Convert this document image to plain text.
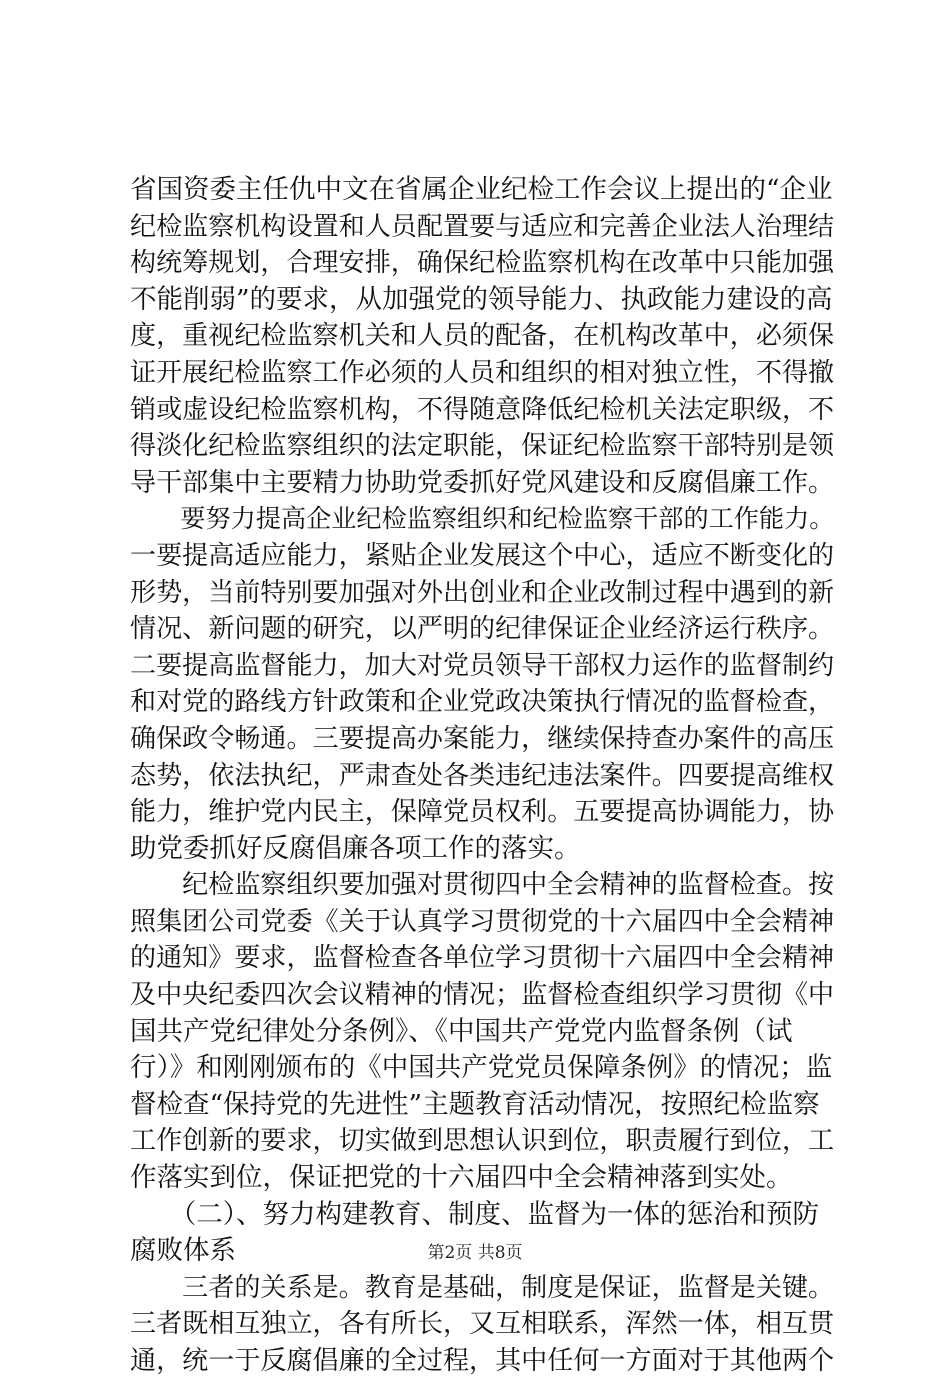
省国资委主任仇中文在省属企业纪检工作会议上提出的“企业
纪检监察机构设置和人员配置要与适应和完善企业法人治理结
构统筹规划，合理安排，确保纪检监察机构在改革中只能加强
不能削弱”的要求，从加强党的领导能力、执政能力建设的高
度，重视纪检监察机关和人员的配备，在机构改革中，必须保
证开展纪检监察工作必须的人员和组织的相对独立性，不得撤
销或虚设纪检监察机构，不得随意降低纪检机关法定职级，不
得淡化纪检监察组织的法定职能，保证纪检监察干部特别是领
导干部集中主要精力协助党委抓好党风建设和反腐倡廉工作。
　　要努力提高企业纪检监察组织和纪检监察干部的工作能力。
一要提高适应能力，紧贴企业发展这个中心，适应不断变化的
形势，当前特别要加强对外出创业和企业改制过程中遇到的新
情况、新问题的研究，以严明的纪律保证企业经济运行秩序。
二要提高监督能力，加大对党员领导干部权力运作的监督制约
和对党的路线方针政策和企业党政决策执行情况的监督检查，
确保政令畅通。三要提高办案能力，继续保持查办案件的高压
态势，依法执纪，严肃查处各类违纪违法案件。四要提高维权
能力，维护党内民主，保障党员权利。五要提高协调能力，协
助党委抓好反腐倡廉各项工作的落实。
　　纪检监察组织要加强对贯彻四中全会精神的监督检查。按
照集团公司党委《关于认真学习贯彻党的十六届四中全会精神
的通知》要求，监督检查各单位学习贯彻十六届四中全会精神
及中央纪委四次会议精神的情况；监督检查组织学习贯彻《中
国共产党纪律处分条例》、《中国共产党党内监督条例（试
行）》和刚刚颁布的《中国共产党党员保障条例》的情况；监
督检查“保持党的先进性”主题教育活动情况，按照纪检监察
工作创新的要求，切实做到思想认识到位，职责履行到位，工
作落实到位，保证把党的十六届四中全会精神落到实处。
　　（二）、努力构建教育、制度、监督为一体的惩治和预防
腐败体系
　　三者的关系是。教育是基础，制度是保证，监督是关键。
三者既相互独立，各有所长，又互相联系，浑然一体，相互贯
通，统一于反腐倡廉的全过程，其中任何一方面对于其他两个
第2页 共8页
